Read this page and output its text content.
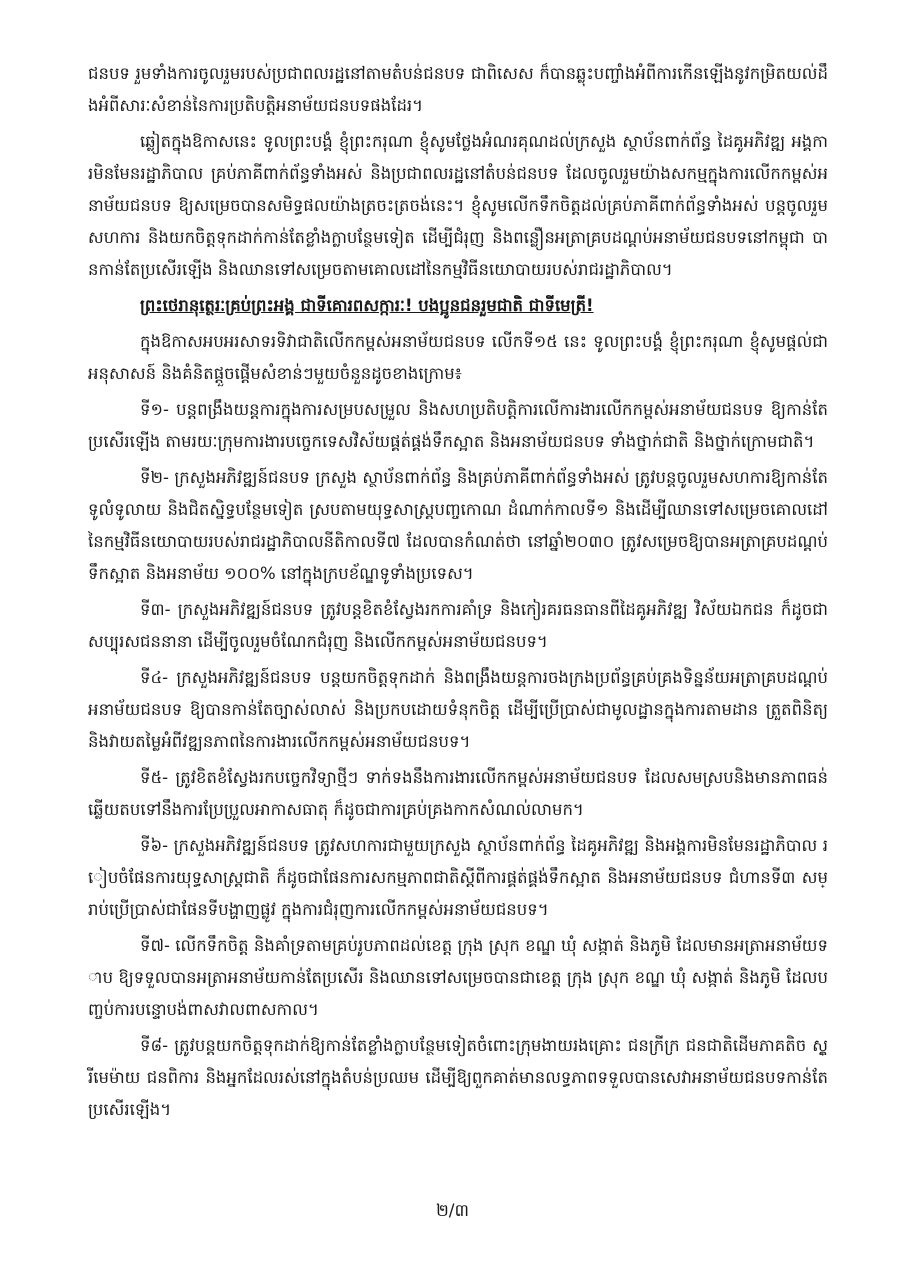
ជនបទ រួមទាំងការចូលរួមរបស់ប្រជាពលរដ្ឋនៅតាមតំបន់ជនបទ ជាពិសេស ក៏បានឆ្លុះបញ្ចាំងអំពីការកើនឡើងនូវកម្រិតយល់ដឹងអំពីសារៈសំខាន់នៃការប្រតិបត្តិអនាម័យជនបទផងដែរ។

ឆ្លៀតក្នុងឱកាសនេះ ទូលព្រះបង្គំ ខ្ញុំព្រះករុណា ខ្ញុំសូមថ្លែងអំណរគុណដល់ក្រសួង ស្ថាប័នពាក់ព័ន្ធ ដៃគូអភិវឌ្ឍ អង្គការមិនមែនរដ្ឋាភិបាល គ្រប់ភាគីពាក់ព័ន្ធទាំងអស់ និងប្រជាពលរដ្ឋនៅតំបន់ជនបទ ដែលចូលរួមយ៉ាងសកម្មក្នុងការលើកកម្ពស់អនាម័យជនបទ ឱ្យសម្រេចបានសមិទ្ធផលយ៉ាងត្រចះត្រចង់នេះ។ ខ្ញុំសូមលើកទឹកចិត្តដល់គ្រប់ភាគីពាក់ព័ន្ធទាំងអស់ បន្តចូលរួមសហការ និងយកចិត្តទុកដាក់កាន់តែខ្លាំងក្លាបន្ថែមទៀត ដើម្បីជំរុញ និងពន្លឿនអត្រាគ្របដណ្តប់អនាម័យជនបទនៅកម្ពុជា បានកាន់តែប្រសើរឡើង និងឈានទៅសម្រេចតាមគោលដៅនៃកម្មវិធីនយោបាយរបស់រាជរដ្ឋាភិបាល។

ព្រះថេរានុត្ថេរៈគ្រប់ព្រះអង្គ ជាទីគោរពសក្ការៈ! បងប្អូនជនរួមជាតិ ជាទីមេត្រី!

ក្នុងឱកាសអបអរសាទរទិវាជាតិលើកកម្ពស់អនាម័យជនបទ លើកទី១៥ នេះ ទូលព្រះបង្គំ ខ្ញុំព្រះករុណា ខ្ញុំសូមផ្តល់ជាអនុសាសន៍ និងគំនិតផ្តួចផ្តើមសំខាន់ៗមួយចំនួនដូចខាងក្រោម៖

ទី១- បន្តពង្រឹងយន្តការក្នុងការសម្របសម្រួល និងសហប្រតិបត្តិការលើការងារលើកកម្ពស់អនាម័យជនបទ ឱ្យកាន់តែប្រសើរឡើង តាមរយៈក្រុមការងារបច្ចេកទេសវិស័យផ្គត់ផ្គង់ទឹកស្អាត និងអនាម័យជនបទ ទាំងថ្នាក់ជាតិ និងថ្នាក់ក្រោមជាតិ។

ទី២- ក្រសួងអភិវឌ្ឍន៍ជនបទ ក្រសួង ស្ថាប័នពាក់ព័ន្ធ និងគ្រប់ភាគីពាក់ព័ន្ធទាំងអស់ ត្រូវបន្តចូលរួមសហការឱ្យកាន់តែទូលំទូលាយ និងជិតស្និទ្ធបន្ថែមទៀត ស្របតាមយុទ្ធសាស្ត្របញ្ចកោណ ដំណាក់កាលទី១ និងដើម្បីឈានទៅសម្រេចគោលដៅនៃកម្មវិធីនយោបាយរបស់រាជរដ្ឋាភិបាលនីតិកាលទី៧ ដែលបានកំណត់ថា នៅឆ្នាំ២០៣០ ត្រូវសម្រេចឱ្យបានអត្រាគ្របដណ្តប់ទឹកស្អាត និងអនាម័យ ១០០% នៅក្នុងក្របខ័ណ្ឌទូទាំងប្រទេស។

ទី៣- ក្រសួងអភិវឌ្ឍន៍ជនបទ ត្រូវបន្តខិតខំស្វែងរកការគាំទ្រ និងកៀរគរធនធានពីដៃគូអភិវឌ្ឍ វិស័យឯកជន ក៏ដូចជាសប្បុរសជននានា ដើម្បីចូលរួមចំណែកជំរុញ និងលើកកម្ពស់អនាម័យជនបទ។

ទី៤- ក្រសួងអភិវឌ្ឍន៍ជនបទ បន្តយកចិត្តទុកដាក់ និងពង្រឹងយន្តការចងក្រងប្រព័ន្ធគ្រប់គ្រងទិន្នន័យអត្រាគ្របដណ្តប់អនាម័យជនបទ ឱ្យបានកាន់តែច្បាស់លាស់ និងប្រកបដោយទំនុកចិត្ត ដើម្បីប្រើប្រាស់ជាមូលដ្ឋានក្នុងការតាមដាន ត្រួតពិនិត្យ និងវាយតម្លៃអំពីវឌ្ឍនភាពនៃការងារលើកកម្ពស់អនាម័យជនបទ។

ទី៥- ត្រូវខិតខំស្វែងរកបច្ចេកវិទ្យាថ្មីៗ ទាក់ទងនឹងការងារលើកកម្ពស់អនាម័យជនបទ ដែលសមស្របនិងមានភាពធន់ ឆ្លើយតបទៅនឹងការប្រែប្រួលអាកាសធាតុ ក៏ដូចជាការគ្រប់គ្រងកាកសំណល់លាមក។

ទី៦- ក្រសួងអភិវឌ្ឍន៍ជនបទ ត្រូវសហការជាមួយក្រសួង ស្ថាប័នពាក់ព័ន្ធ ដៃគូអភិវឌ្ឍ និងអង្គការមិនមែនរដ្ឋាភិបាល រៀបចំផែនការយុទ្ធសាស្ត្រជាតិ ក៏ដូចជាផែនការសកម្មភាពជាតិស្តីពីការផ្គត់ផ្គង់ទឹកស្អាត និងអនាម័យជនបទ ជំហានទី៣ សម្រាប់ប្រើប្រាស់ជាផែនទីបង្ហាញផ្លូវ ក្នុងការជំរុញការលើកកម្ពស់អនាម័យជនបទ។

ទី៧- លើកទឹកចិត្ត និងគាំទ្រតាមគ្រប់រូបភាពដល់ខេត្ត ក្រុង ស្រុក ខណ្ឌ ឃុំ សង្កាត់ និងភូមិ ដែលមានអត្រាអនាម័យទាប ឱ្យទទួលបានអត្រាអនាម័យកាន់តែប្រសើរ និងឈានទៅសម្រេចបានជាខេត្ត ក្រុង ស្រុក ខណ្ឌ ឃុំ សង្កាត់ និងភូមិ ដែលបញ្ចប់ការបន្ទោបង់ពាសវាលពាសកាល។

ទី៨- ត្រូវបន្តយកចិត្តទុកដាក់ឱ្យកាន់តែខ្លាំងក្លាបន្ថែមទៀតចំពោះក្រុមងាយរងគ្រោះ ជនក្រីក្រ ជនជាតិដើមភាគតិច ស្ត្រីមេម៉ាយ ជនពិការ និងអ្នកដែលរស់នៅក្នុងតំបន់ប្រឈម ដើម្បីឱ្យពួកគាត់មានលទ្ធភាពទទួលបានសេវាអនាម័យជនបទកាន់តែប្រសើរឡើង។

២/៣
